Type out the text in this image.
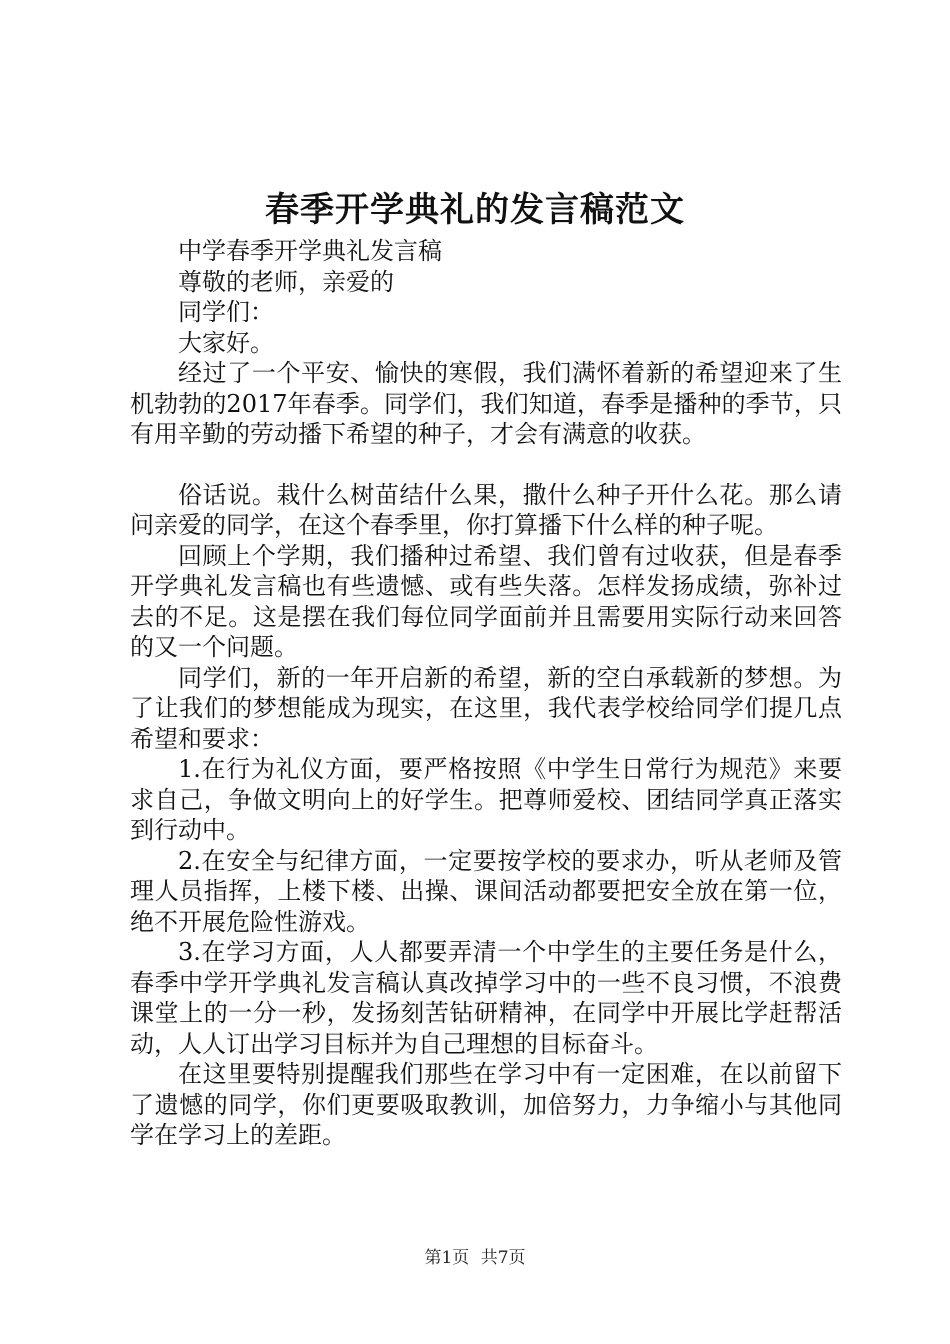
春季开学典礼的发言稿范文

中学春季开学典礼发言稿

尊敬的老师，亲爱的

同学们：

大家好。

经过了一个平安、愉快的寒假，我们满怀着新的希望迎来了生机勃勃的2017年春季。同学们，我们知道，春季是播种的季节，只有用辛勤的劳动播下希望的种子，才会有满意的收获。

俗话说。栽什么树苗结什么果，撒什么种子开什么花。那么请问亲爱的同学，在这个春季里，你打算播下什么样的种子呢。

回顾上个学期，我们播种过希望、我们曾有过收获，但是春季开学典礼发言稿也有些遗憾、或有些失落。怎样发扬成绩，弥补过去的不足。这是摆在我们每位同学面前并且需要用实际行动来回答的又一个问题。

同学们，新的一年开启新的希望，新的空白承载新的梦想。为了让我们的梦想能成为现实，在这里，我代表学校给同学们提几点希望和要求：

1.在行为礼仪方面，要严格按照《中学生日常行为规范》来要求自己，争做文明向上的好学生。把尊师爱校、团结同学真正落实到行动中。

2.在安全与纪律方面，一定要按学校的要求办，听从老师及管理人员指挥，上楼下楼、出操、课间活动都要把安全放在第一位，绝不开展危险性游戏。

3.在学习方面，人人都要弄清一个中学生的主要任务是什么，春季中学开学典礼发言稿认真改掉学习中的一些不良习惯，不浪费课堂上的一分一秒，发扬刻苦钻研精神，在同学中开展比学赶帮活动，人人订出学习目标并为自己理想的目标奋斗。

在这里要特别提醒我们那些在学习中有一定困难，在以前留下了遗憾的同学，你们更要吸取教训，加倍努力，力争缩小与其他同学在学习上的差距。

第1页 共7页
